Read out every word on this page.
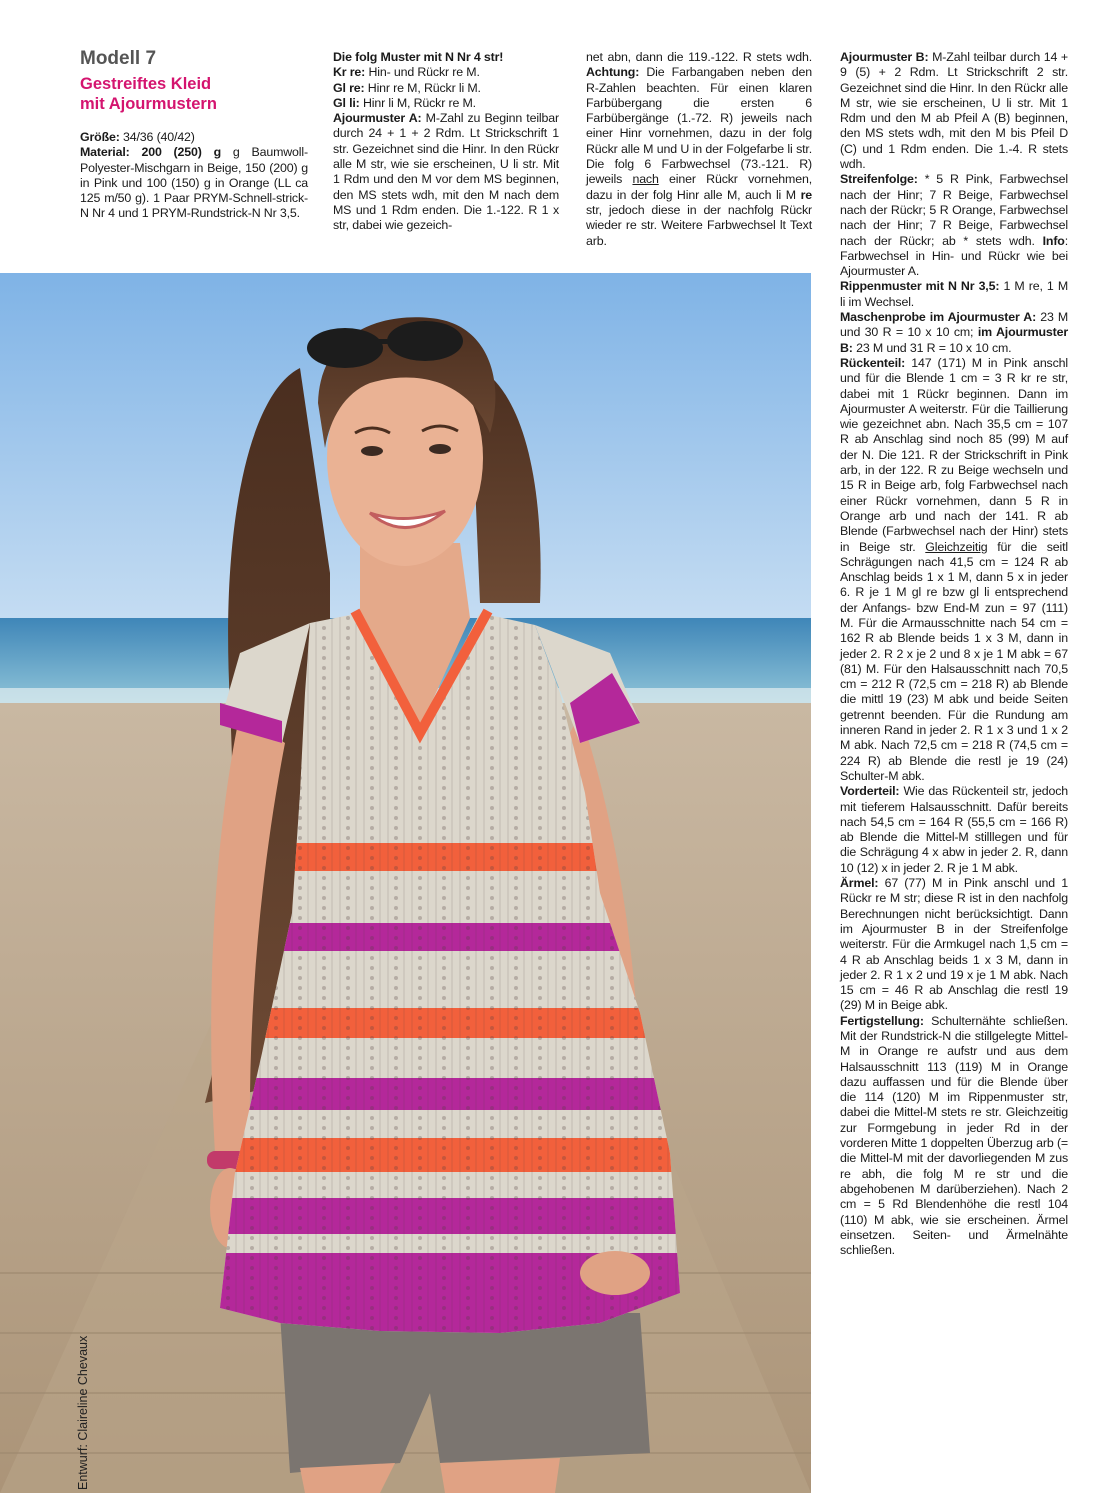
Modell 7
Gestreiftes Kleid
mit Ajourmustern

Größe: 34/36 (40/42)

Material: 200 (250) g g Baumwoll-Polyester-Mischgarn in Beige, 150 (200) g in Pink und 100 (150) g in Orange (LL ca 125 m/50 g). 1 Paar PRYM-Schnell-strick-N Nr 4 und 1 PRYM-Rundstrick-N Nr 3,5.

Die folg Muster mit N Nr 4 str!

Kr re: Hin- und Rückr re M.

Gl re: Hinr re M, Rückr li M.

Gl li: Hinr li M, Rückr re M.

Ajourmuster A: M-Zahl zu Beginn teilbar durch 24 + 1 + 2 Rdm. Lt Strickschrift 1 str. Gezeichnet sind die Hinr. In den Rückr alle M str, wie sie erscheinen, U li str. Mit 1 Rdm und den M vor dem MS beginnen, den MS stets wdh, mit den M nach dem MS und 1 Rdm enden. Die 1.-122. R 1 x str, dabei wie gezeich-

net abn, dann die 119.-122. R stets wdh. Achtung: Die Farbangaben neben den R-Zahlen beachten. Für einen klaren Farbübergang die ersten 6 Farbübergänge (1.-72. R) jeweils nach einer Hinr vornehmen, dazu in der folg Rückr alle M und U in der Folgefarbe li str. Die folg 6 Farbwechsel (73.-121. R) jeweils nach einer Rückr vornehmen, dazu in der folg Hinr alle M, auch li M re str, jedoch diese in der nachfolg Rückr wieder re str. Weitere Farbwechsel lt Text arb.

Ajourmuster B: M-Zahl teilbar durch 14 + 9 (5) + 2 Rdm. Lt Strickschrift 2 str. Gezeichnet sind die Hinr. In den Rückr alle M str, wie sie erscheinen, U li str. Mit 1 Rdm und den M ab Pfeil A (B) beginnen, den MS stets wdh, mit den M bis Pfeil D (C) und 1 Rdm enden. Die 1.-4. R stets wdh.

Streifenfolge: * 5 R Pink, Farbwechsel nach der Hinr; 7 R Beige, Farbwechsel nach der Rückr; 5 R Orange, Farbwechsel nach der Hinr; 7 R Beige, Farbwechsel nach der Rückr; ab * stets wdh. Info: Farbwechsel in Hin- und Rückr wie bei Ajourmuster A.

Rippenmuster mit N Nr 3,5: 1 M re, 1 M li im Wechsel.

Maschenprobe im Ajourmuster A: 23 M und 30 R = 10 x 10 cm; im Ajourmuster B: 23 M und 31 R = 10 x 10 cm.

Rückenteil: 147 (171) M in Pink anschl und für die Blende 1 cm = 3 R kr re str, dabei mit 1 Rückr beginnen. Dann im Ajourmuster A weiterstr. Für die Taillierung wie gezeichnet abn. Nach 35,5 cm = 107 R ab Anschlag sind noch 85 (99) M auf der N. Die 121. R der Strickschrift in Pink arb, in der 122. R zu Beige wechseln und 15 R in Beige arb, folg Farbwechsel nach einer Rückr vornehmen, dann 5 R in Orange arb und nach der 141. R ab Blende (Farbwechsel nach der Hinr) stets in Beige str. Gleichzeitig für die seitl Schrägungen nach 41,5 cm = 124 R ab Anschlag beids 1 x 1 M, dann 5 x in jeder 6. R je 1 M gl re bzw gl li entsprechend der Anfangs- bzw End-M zun = 97 (111) M. Für die Armausschnitte nach 54 cm = 162 R ab Blende beids 1 x 3 M, dann in jeder 2. R 2 x je 2 und 8 x je 1 M abk = 67 (81) M. Für den Halsausschnitt nach 70,5 cm = 212 R (72,5 cm = 218 R) ab Blende die mittl 19 (23) M abk und beide Seiten getrennt beenden. Für die Rundung am inneren Rand in jeder 2. R 1 x 3 und 1 x 2 M abk. Nach 72,5 cm = 218 R (74,5 cm = 224 R) ab Blende die restl je 19 (24) Schulter-M abk.

Vorderteil: Wie das Rückenteil str, jedoch mit tieferem Halsausschnitt. Dafür bereits nach 54,5 cm = 164 R (55,5 cm = 166 R) ab Blende die Mittel-M stilllegen und für die Schrägung 4 x abw in jeder 2. R, dann 10 (12) x in jeder 2. R je 1 M abk.

Ärmel: 67 (77) M in Pink anschl und 1 Rückr re M str; diese R ist in den nachfolg Berechnungen nicht berücksichtigt. Dann im Ajourmuster B in der Streifenfolge weiterstr. Für die Armkugel nach 1,5 cm = 4 R ab Anschlag beids 1 x 3 M, dann in jeder 2. R 1 x 2 und 19 x je 1 M abk. Nach 15 cm = 46 R ab Anschlag die restl 19 (29) M in Beige abk.

Fertigstellung: Schulternähte schließen. Mit der Rundstrick-N die stillgelegte Mittel-M in Orange re aufstr und aus dem Halsausschnitt 113 (119) M in Orange dazu auffassen und für die Blende über die 114 (120) M im Rippenmuster str, dabei die Mittel-M stets re str. Gleichzeitig zur Formgebung in jeder Rd in der vorderen Mitte 1 doppelten Überzug arb (= die Mittel-M mit der davorliegenden M zus re abh, die folg M re str und die abgehobenen M darüberziehen). Nach 2 cm = 5 Rd Blendenhöhe die restl 104 (110) M abk, wie sie erscheinen. Ärmel einsetzen. Seiten- und Ärmelnähte schließen.

Entwurf: Claireline Chevaux
